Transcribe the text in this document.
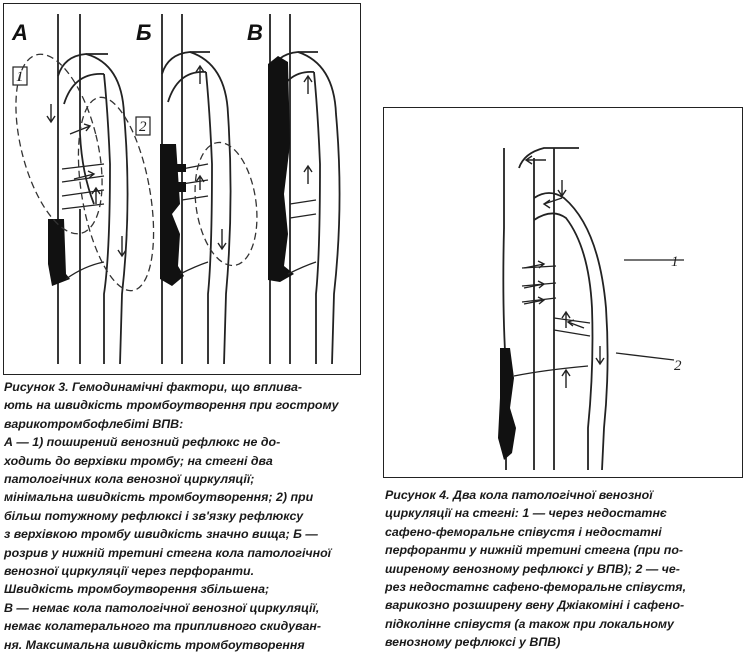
А	Б	В
1
2
Рисунок 3. Гемодинамічні фактори, що вплива-
ють на швидкість тромбоутворення при гострому
варикотромбофлебіті ВПВ:
А — 1) поширений венозний рефлюкс не до-
ходить до верхівки тромбу; на стегні два
патологічних кола венозної циркуляції;
мінімальна швидкість тромбоутворення; 2) при
більш потужному рефлюксі і зв'язку рефлюксу
з верхівкою тромбу швидкість значно вища; Б —
розрив у нижній третині стегна кола патологічної
венозної циркуляції через перфоранти.
Швидкість тромбоутворення збільшена;
В — немає кола патологічної венозної циркуляції,
немає колатерального та припливного скидуван-
ня. Максимальна швидкість тромбоутворення
1
2
Рисунок 4. Два кола патологічної венозної
циркуляції на стегні: 1 — через недостатнє
сафено-феморальне співустя і недостатні
перфоранти у нижній третині стегна (при по-
ширеному венозному рефлюксі у ВПВ); 2 — че-
рез недостатнє сафено-феморальне співустя,
варикозно розширену вену Джіакоміні і сафено-
підколінне співустя (а також при локальному
венозному рефлюксі у ВПВ)
